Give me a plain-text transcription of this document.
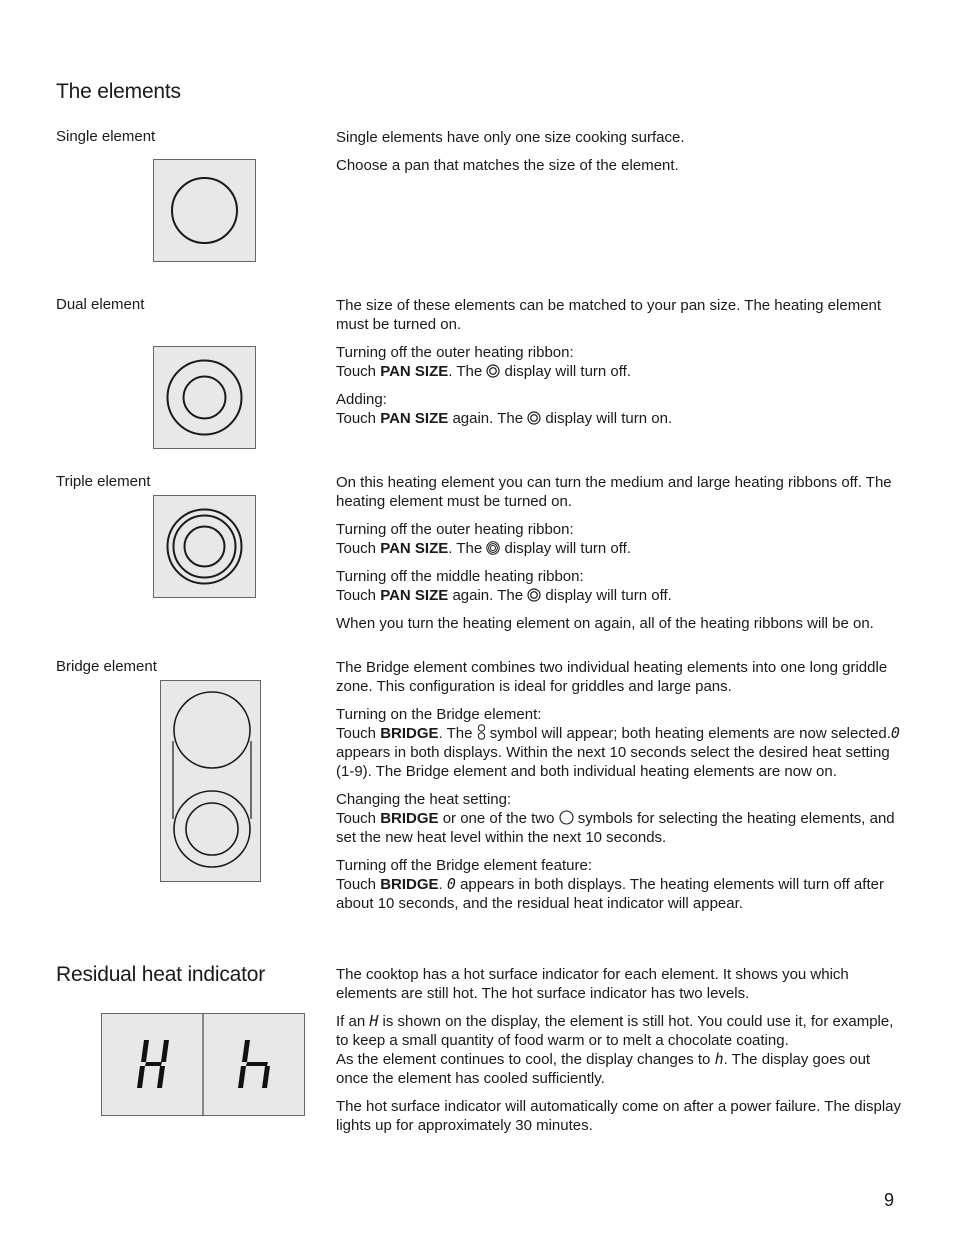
The elements
Single element	Single elements have only one size cooking surface.

Choose a pan that matches the size of the element.

Dual element	The size of these elements can be matched to your pan size. The heating element must be turned on.

Turning off the outer heating ribbon:

Touch PAN SIZE. The  display will turn off.

Adding:

Touch PAN SIZE again. The  display will turn on.

Triple element	On this heating element you can turn the medium and large heating ribbons off. The heating element must be turned on.

Turning off the outer heating ribbon:

Touch PAN SIZE. The  display will turn off.

Turning off the middle heating ribbon:

Touch PAN SIZE again. The  display will turn off.

When you turn the heating element on again, all of the heating ribbons will be on.

Bridge element	The Bridge element combines two individual heating elements into one long griddle zone. This configuration is ideal for griddles and large pans.

Turning on the Bridge element:

Touch BRIDGE. The  symbol will appear; both heating elements are now selected.0 appears in both displays. Within the next 10 seconds select the desired heat setting (1-9). The Bridge element and both individual heating elements are now on.

Changing the heat setting:

Touch BRIDGE or one of the two  symbols for selecting the heating elements, and set the new heat level within the next 10 seconds.

Turning off the Bridge element feature:

Touch BRIDGE. 0 appears in both displays. The heating elements will turn off after about 10 seconds, and the residual heat indicator will appear.

Residual heat indicator	The cooktop has a hot surface indicator for each element. It shows you which elements are still hot. The hot surface indicator has two levels.

If an H is shown on the display, the element is still hot. You could use it, for example, to keep a small quantity of food warm or to melt a chocolate coating.

As the element continues to cool, the display changes to h. The display goes out once the element has cooled sufficiently.

The hot surface indicator will automatically come on after a power failure. The display lights up for approximately 30 minutes.

9
